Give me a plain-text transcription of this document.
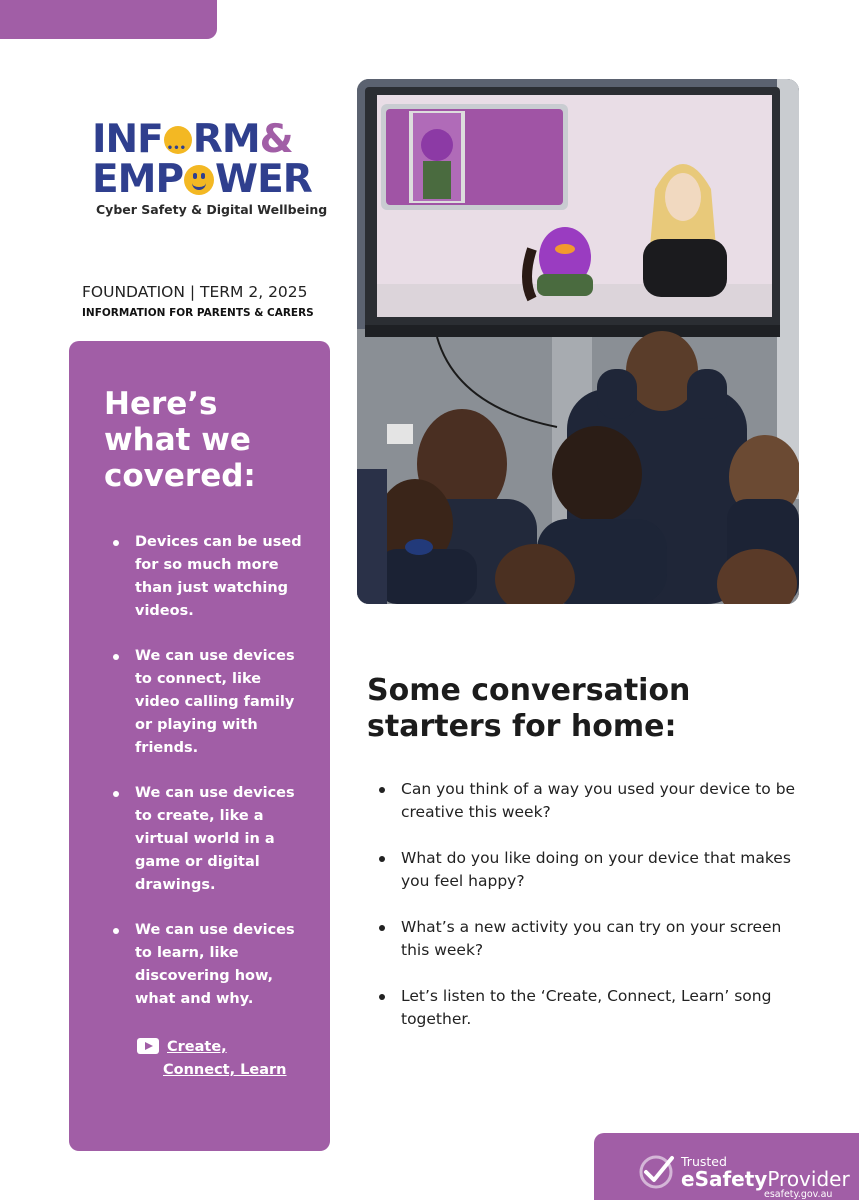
INF
••• RM &
EMP WER
Cyber Safety & Digital Wellbeing
FOUNDATION | TERM 2, 2025
INFORMATION FOR PARENTS & CARERS
Here’s what we covered:
Devices can be used for so much more than just watching videos.
We can use devices to connect, like video calling family or playing with friends.
We can use devices to create, like a virtual world in a game or digital drawings.
We can use devices to learn, like discovering how, what and why.
Create,
Connect, Learn
Some conversation starters for home:
Can you think of a way you used your device to be creative this week?
What do you like doing on your device that makes you feel happy?
What’s a new activity you can try on your screen this week?
Let’s listen to the ‘Create, Connect, Learn’ song together.
Trusted
eSafetyProvider
esafety.gov.au
